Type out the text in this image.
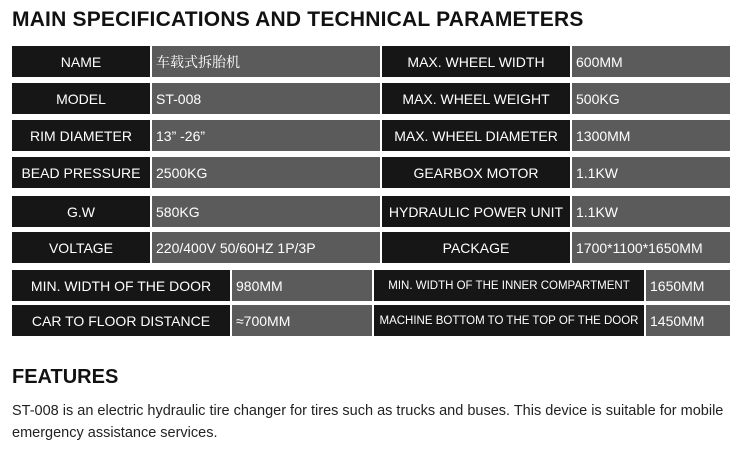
MAIN SPECIFICATIONS AND TECHNICAL PARAMETERS
NAME	车载式拆胎机	MAX. WHEEL WIDTH	600MM
MODEL	ST-008	MAX. WHEEL WEIGHT	500KG
RIM DIAMETER	13” -26”	MAX. WHEEL DIAMETER	1300MM
BEAD PRESSURE	2500KG	GEARBOX MOTOR	1.1KW
G.W	580KG	HYDRAULIC POWER UNIT 1.1KW
VOLTAGE	220/400V 50/60HZ 1P/3P	PACKAGE	1700*1100*1650MM
MIN. WIDTH OF THE DOOR	980MM	MIN. WIDTH OF THE INNER COMPARTMENT	1650MM
CAR TO FLOOR DISTANCE	≈700MM	MACHINE BOTTOM TO THE TOP OF THE DOOR 1450MM
FEATURES
ST-008 is an electric hydraulic tire changer for tires such as trucks and buses. This device is suitable for mobile emergency assistance services.
